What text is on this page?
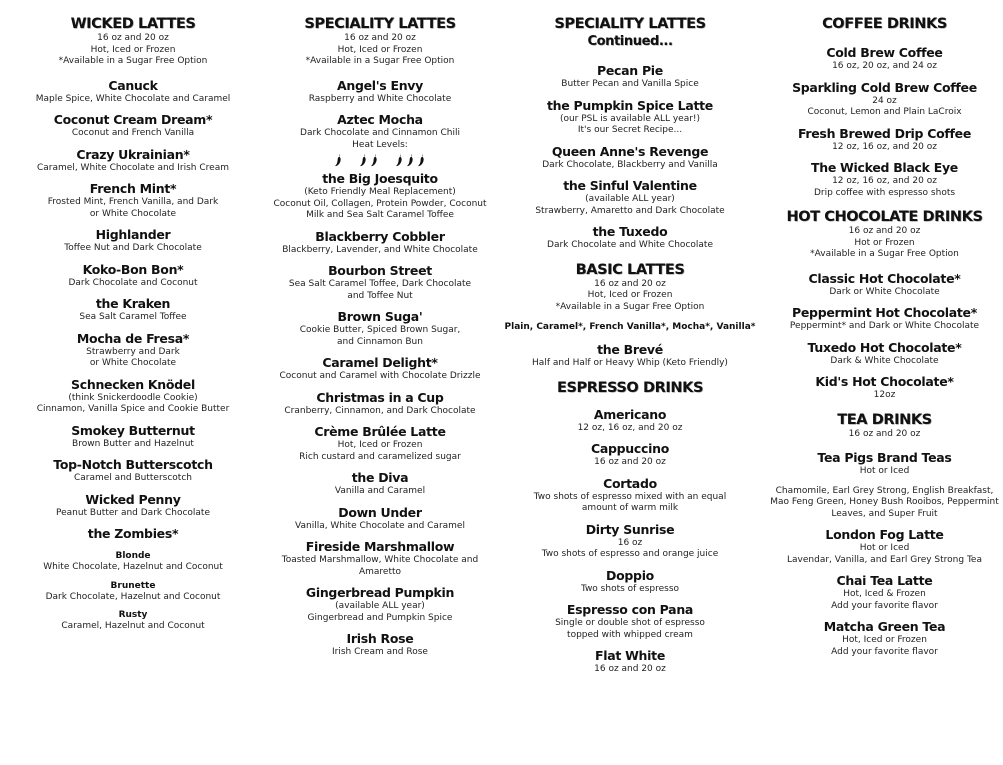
WICKED LATTES
16 oz and 20 oz
Hot, Iced or Frozen
*Available in a Sugar Free Option
Canuck
Maple Spice, White Chocolate and Caramel
Coconut Cream Dream*
Coconut and French Vanilla
Crazy Ukrainian*
Caramel, White Chocolate and Irish Cream
French Mint*
Frosted Mint, French Vanilla, and Dark
or White Chocolate
Highlander
Toffee Nut and Dark Chocolate
Koko-Bon Bon*
Dark Chocolate and Coconut
the Kraken
Sea Salt Caramel Toffee
Mocha de Fresa*
Strawberry and Dark
or White Chocolate
Schnecken Knödel
(think Snickerdoodle Cookie)
Cinnamon, Vanilla Spice and Cookie Butter
Smokey Butternut
Brown Butter and Hazelnut
Top-Notch Butterscotch
Caramel and Butterscotch
Wicked Penny
Peanut Butter and Dark Chocolate
the Zombies*
Blonde
White Chocolate, Hazelnut and Coconut
Brunette
Dark Chocolate, Hazelnut and Coconut
Rusty
Caramel, Hazelnut and Coconut
SPECIALITY LATTES
16 oz and 20 oz
Hot, Iced or Frozen
*Available in a Sugar Free Option
Angel's Envy
Raspberry and White Chocolate
Aztec Mocha
Dark Chocolate and Cinnamon Chili
Heat Levels:
the Big Joesquito
(Keto Friendly Meal Replacement)
Coconut Oil, Collagen, Protein Powder, Coconut
Milk and Sea Salt Caramel Toffee
Blackberry Cobbler
Blackberry, Lavender, and White Chocolate
Bourbon Street
Sea Salt Caramel Toffee, Dark Chocolate
and Toffee Nut
Brown Suga'
Cookie Butter, Spiced Brown Sugar,
and Cinnamon Bun
Caramel Delight*
Coconut and Caramel with Chocolate Drizzle
Christmas in a Cup
Cranberry, Cinnamon, and Dark Chocolate
Crème Brûlée Latte
Hot, Iced or Frozen
Rich custard and caramelized sugar
the Diva
Vanilla and Caramel
Down Under
Vanilla, White Chocolate and Caramel
Fireside Marshmallow
Toasted Marshmallow, White Chocolate and
Amaretto
Gingerbread Pumpkin
(available ALL year)
Gingerbread and Pumpkin Spice
Irish Rose
Irish Cream and Rose
SPECIALITY LATTES
Continued...
Pecan Pie
Butter Pecan and Vanilla Spice
the Pumpkin Spice Latte
(our PSL is available ALL year!)
It's our Secret Recipe...
Queen Anne's Revenge
Dark Chocolate, Blackberry and Vanilla
the Sinful Valentine
(available ALL year)
Strawberry, Amaretto and Dark Chocolate
the Tuxedo
Dark Chocolate and White Chocolate
BASIC LATTES
16 oz and 20 oz
Hot, Iced or Frozen
*Available in a Sugar Free Option
Plain, Caramel*, French Vanilla*, Mocha*, Vanilla*
the Brevé
Half and Half or Heavy Whip (Keto Friendly)
ESPRESSO DRINKS
Americano
12 oz, 16 oz, and 20 oz
Cappuccino
16 oz and 20 oz
Cortado
Two shots of espresso mixed with an equal
amount of warm milk
Dirty Sunrise
16 oz
Two shots of espresso and orange juice
Doppio
Two shots of espresso
Espresso con Pana
Single or double shot of espresso
topped with whipped cream
Flat White
16 oz and 20 oz
COFFEE DRINKS
Cold Brew Coffee
16 oz, 20 oz, and 24 oz
Sparkling Cold Brew Coffee
24 oz
Coconut, Lemon and Plain LaCroix
Fresh Brewed Drip Coffee
12 oz, 16 oz, and 20 oz
The Wicked Black Eye
12 oz, 16 oz, and 20 oz
Drip coffee with espresso shots
HOT CHOCOLATE DRINKS
16 oz and 20 oz
Hot or Frozen
*Available in a Sugar Free Option
Classic Hot Chocolate*
Dark or White Chocolate
Peppermint Hot Chocolate*
Peppermint* and Dark or White Chocolate
Tuxedo Hot Chocolate*
Dark & White Chocolate
Kid's Hot Chocolate*
12oz
TEA DRINKS
16 oz and 20 oz
Tea Pigs Brand Teas
Hot or Iced
Chamomile, Earl Grey Strong, English Breakfast,
Mao Feng Green, Honey Bush Rooibos, Peppermint
Leaves, and Super Fruit
London Fog Latte
Hot or Iced
Lavendar, Vanilla, and Earl Grey Strong Tea
Chai Tea Latte
Hot, Iced & Frozen
Add your favorite flavor
Matcha Green Tea
Hot, Iced or Frozen
Add your favorite flavor
